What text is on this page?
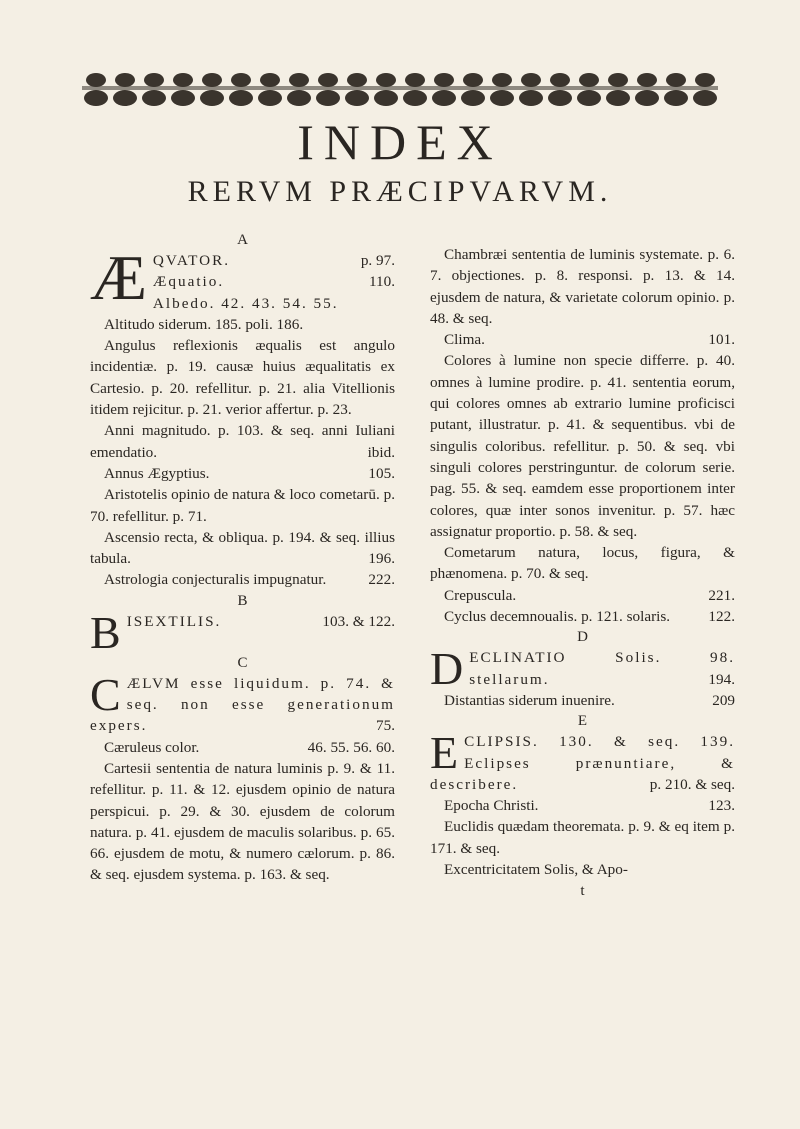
INDEX
RERVM PRÆCIPVARVM.
A
Æ QVATOR.	p. 97.
Æquatio.	110.
Albedo. 42. 43. 54. 55.
Altitudo siderum. 185. poli. 186.
Angulus reflexionis æqualis est angulo incidentiæ. p. 19. causæ huius æqualitatis ex Cartesio. p. 20. refellitur. p. 21. alia Vitellionis itidem rejicitur. p. 21. verior affertur. p. 23.
Anni magnitudo. p. 103. & seq. anni Iuliani emendatio.	ibid.
Annus Ægyptius.	105.
Aristotelis opinio de natura & loco cometarū. p. 70. refellitur. p. 71.
Ascensio recta, & obliqua. p. 194. & seq. illius tabula.	196.
Astrologia conjecturalis impugnatur.	222.
B
B ISEXTILIS.	103. & 122.
C
C ÆLVM esse liquidum. p. 74. & seq. non esse generationum expers.	75.
Cæruleus color.	46. 55. 56. 60.
Cartesii sententia de natura luminis p. 9. & 11. refellitur. p. 11. & 12. ejusdem opinio de natura perspicui. p. 29. & 30. ejusdem de colorum natura. p. 41. ejusdem de maculis solaribus. p. 65. 66. ejusdem de motu, & numero cælorum. p. 86. & seq. ejusdem systema. p. 163. & seq.
Chambræi sententia de luminis systemate. p. 6. 7. objectiones. p. 8. responsi. p. 13. & 14. ejusdem de natura, & varietate colorum opinio. p. 48. & seq.
Clima.	101.
Colores à lumine non specie differre. p. 40. omnes à lumine prodire. p. 41. sententia eorum, qui colores omnes ab extrario lumine proficisci putant, illustratur. p. 41. & sequentibus. vbi de singulis coloribus. refellitur. p. 50. & seq. vbi singuli colores perstringuntur. de colorum serie. pag. 55. & seq. eamdem esse proportionem inter colores, quæ inter sonos invenitur. p. 57. hæc assignatur proportio. p. 58. & seq.
Cometarum natura, locus, figura, & phænomena. p. 70. & seq.
Crepuscula.	221.
Cyclus decemnoualis. p. 121. solaris.	122.
D
D ECLINATIO Solis. 98. stellarum.	194.
Distantias siderum inuenire.	209
E
E CLIPSIS. 130. & seq. 139. Eclipses prænuntiare, & describere.	p. 210. & seq.
Epocha Christi.	123.
Euclidis quædam theoremata. p. 9. & eq item p. 171. & seq.
Excentricitatem Solis, & Apo-
t
